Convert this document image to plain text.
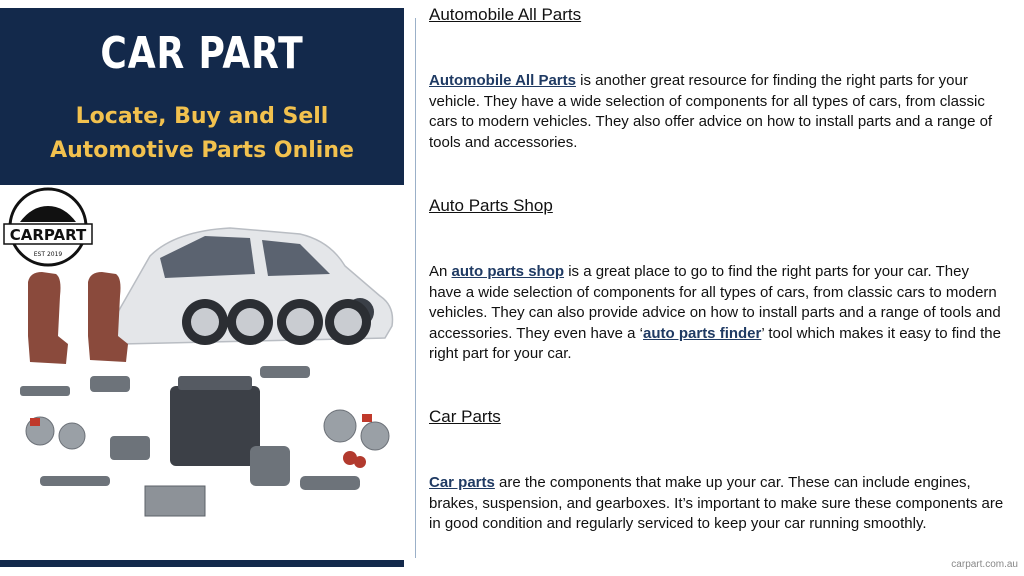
CAR PART
Locate, Buy and Sell Automotive Parts Online
CARPART
EST 2019
Automobile All Parts

Automobile All Parts is another great resource for finding the right parts for your vehicle. They have a wide selection of components for all types of cars, from classic cars to modern vehicles. They also offer advice on how to install parts and a range of tools and accessories.

Auto Parts Shop

An auto parts shop is a great place to go to find the right parts for your car. They have a wide selection of components for all types of cars, from classic cars to modern vehicles. They can also provide advice on how to install parts and a range of tools and accessories. They even have a ‘auto parts finder’ tool which makes it easy to find the right part for your car.

Car Parts

Car parts are the components that make up your car. These can include engines, brakes, suspension, and gearboxes. It’s important to make sure these components are in good condition and regularly serviced to keep your car running smoothly.

carpart.com.au
